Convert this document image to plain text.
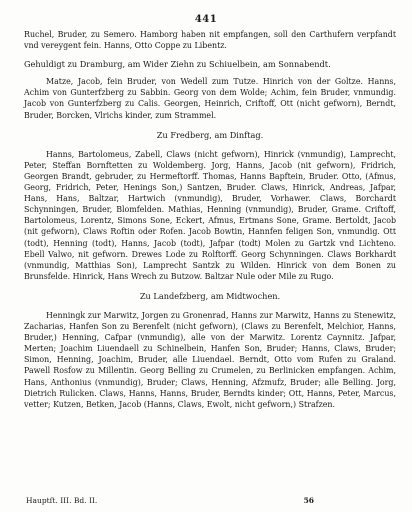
441

Ruchel, Bruder, zu Semero. Hamborg haben nit empfangen, soll den Carthufern verpfandt vnd vereygent fein. Hanns, Otto Coppe zu Libentz.

Gehuldigt zu Dramburg, am Wider Ziehn zu Schiuelbein, am Sonnabendt.

Matze, Jacob, fein Bruder, von Wedell zum Tutze. Hinrich von der Goltze. Hanns, Achim von Gunterfzberg zu Sabbin. Georg von dem Wolde; Achim, fein Bruder, vnmundig. Jacob von Gunterfzberg zu Calis. Georgen, Heinrich, Criftoff, Ott (nicht gefworn), Berndt, Bruder, Borcken, Vlrichs kinder, zum Strammel.

Zu Fredberg, am Dinftag.

Hanns, Bartolomeus, Zabell, Claws (nicht gefworn), Hinrick (vnmundig), Lamprecht, Peter, Steffan Bornftetten zu Woldemberg. Jorg, Hanns, Jacob (nit gefworn), Fridrich, Georgen Brandt, gebruder, zu Hermeftorff. Thomas, Hanns Bapftein, Bruder. Otto, (Afmus, Georg, Fridrich, Peter, Henings Son,) Santzen, Bruder. Claws, Hinrick, Andreas, Jafpar, Hans, Hans, Baltzar, Hartwich (vnmundig), Bruder, Vorhawer. Claws, Borchardt Schynningen, Bruder, Blomfelden. Mathias, Henning (vnmundig), Bruder, Grame. Criftoff, Bartolomeus, Lorentz, Simons Sone, Eckert, Afmus, Ertmans Sone, Grame. Bertoldt, Jacob (nit gefworn), Claws Roftin oder Rofen. Jacob Bowtin, Hannfen feligen Son, vnmundig. Ott (todt), Henning (todt), Hanns, Jacob (todt), Jafpar (todt) Molen zu Gartzk vnd Lichteno. Ebell Valwo, nit gefworn. Drewes Lode zu Rolftorff. Georg Schynningen. Claws Borkhardt (vnmundig, Matthias Son), Lamprecht Santzk zu Wilden. Hinrick von dem Bonen zu Brunsfelde. Hinrick, Hans Wrech zu Butzow. Baltzar Nule oder Mile zu Rugo.

Zu Landefzberg, am Midtwochen.

Henningk zur Marwitz, Jorgen zu Gronenrad, Hanns zur Marwitz, Hanns zu Stenewitz, Zacharias, Hanfen Son zu Berenfelt (nicht gefworn), (Claws zu Berenfelt, Melchior, Hanns, Bruder,) Henning, Cafpar (vnmundig), alle von der Marwitz. Lorentz Caynnitz. Jafpar, Merten; Joachim Liuendaell zu Schinelbein, Hanfen Son, Bruder; Hanns, Claws, Bruder; Simon, Henning, Joachim, Bruder, alle Liuendael. Berndt, Otto vom Rufen zu Graland. Pawell Rosfow zu Millentin. Georg Belling zu Crumelen, zu Berlinicken empfangen. Achim, Hans, Anthonius (vnmundig), Bruder; Claws, Henning, Afzmufz, Bruder; alle Belling. Jorg, Dietrich Rulicken. Claws, Hanns, Hanns, Bruder, Berndts kinder; Ott, Hanns, Peter, Marcus, vetter; Kutzen, Betken, Jacob (Hanns, Claws, Ewolt, nicht gefworn,) Strafzen.

Hauptſt. III. Bd. II.	56
